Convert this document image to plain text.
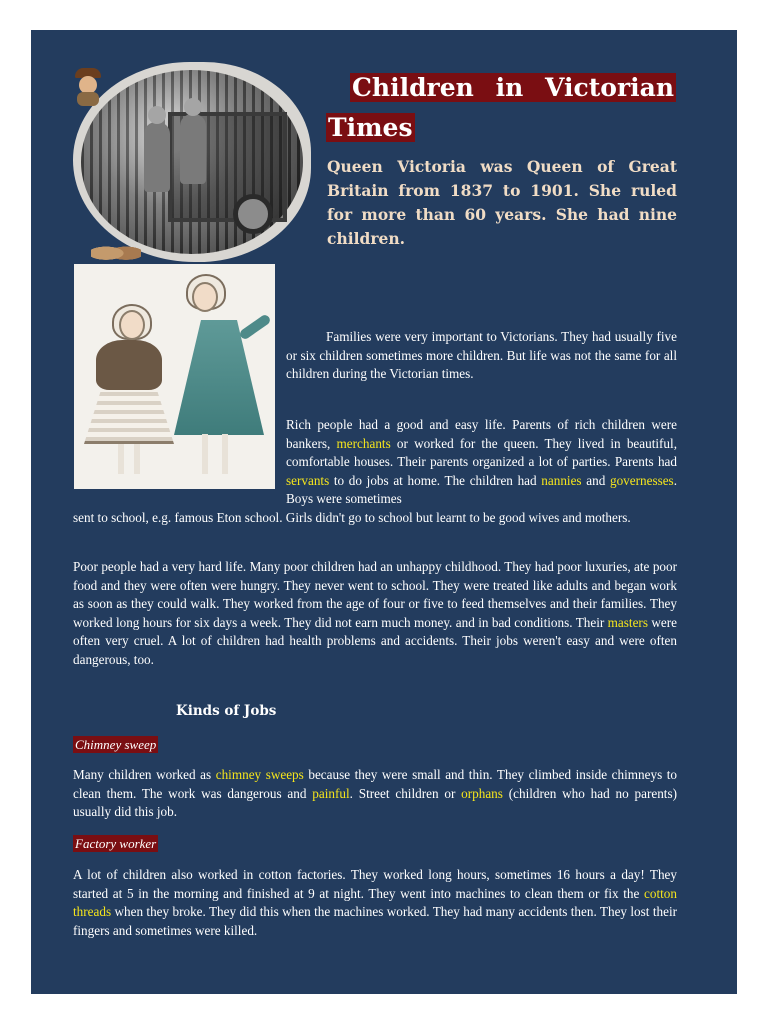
Children in Victorian
Times
Queen Victoria was Queen of Great Britain from 1837 to 1901. She ruled for more than 60 years. She had nine children.
Families were very important to Victorians. They had usually five or six children sometimes more children. But life was not the same for all children during the Victorian times.
Rich people had a good and easy life. Parents of rich children were bankers, merchants or worked for the queen. They lived in beautiful, comfortable houses. Their parents organized a lot of parties. Parents had servants to do jobs at home. The children had nannies and governesses. Boys were sometimes
sent to school, e.g. famous Eton school. Girls didn't go to school but learnt to be good wives and mothers.
Poor people had a very hard life. Many poor children had an unhappy childhood. They had poor luxuries, ate poor food and they were often were hungry. They never went to school. They were treated like adults and began work as soon as they could walk. They worked from the age of four or five to feed themselves and their families. They worked long hours for six days a week. They did not earn much money. and in bad conditions. Their masters were often very cruel. A lot of children had health problems and accidents. Their jobs weren't easy and were often dangerous, too.
Kinds of Jobs
Chimney sweep
Many children worked as chimney sweeps because they were small and thin. They climbed inside chimneys to clean them. The work was dangerous and painful. Street children or orphans (children who had no parents) usually did this job.
Factory worker
A lot of children also worked in cotton factories. They worked long hours, sometimes 16 hours a day! They started at 5 in the morning and finished at 9 at night. They went into machines to clean them or fix the cotton threads when they broke. They did this when the machines worked. They had many accidents then. They lost their fingers and sometimes were killed.
